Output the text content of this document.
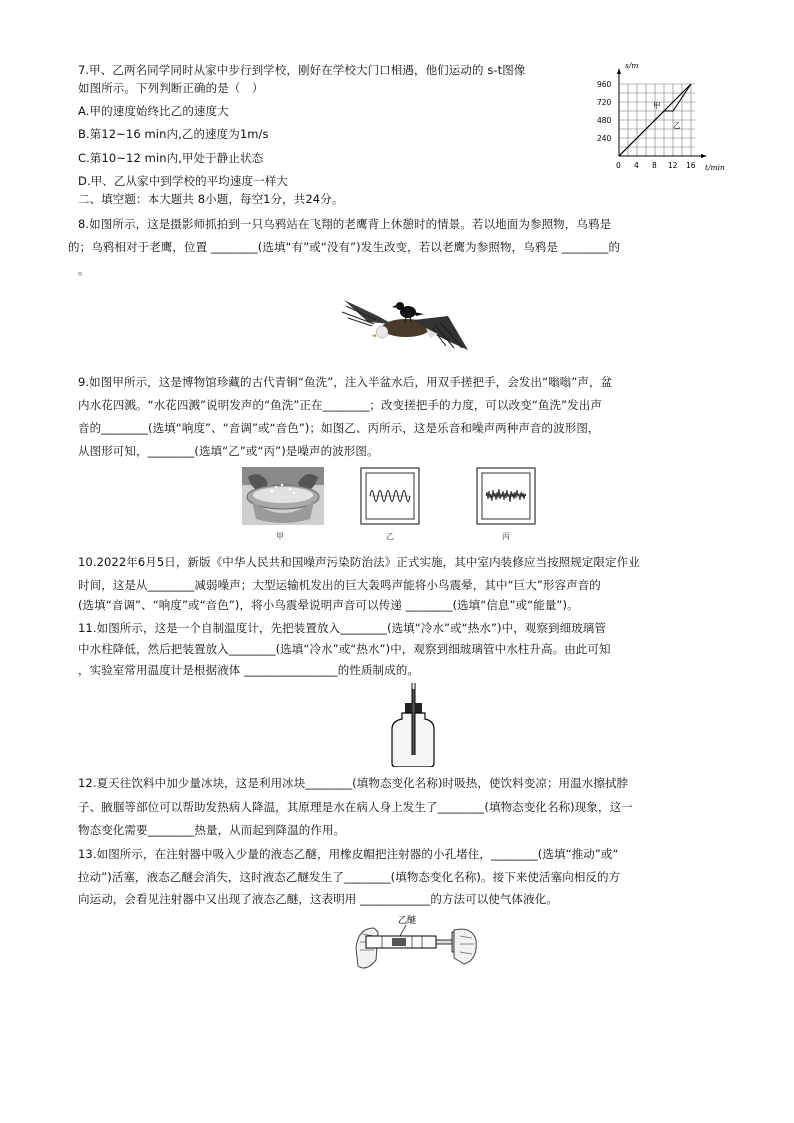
7.甲、乙两名同学同时从家中步行到学校，刚好在学校大门口相遇，他们运动的 s-t图像
如图所示。下列判断正确的是（　）
A.甲的速度始终比乙的速度大
B.第12~16 min内,乙的速度为1m/s
C.第10~12 min内,甲处于静止状态
D.甲、乙从家中到学校的平均速度一样大
s/m
t/min
960
720
480
240
0 4 8 12 16
甲
乙
二、填空题：本大题共 8小题，每空1分，共24分。
8.如图所示，这是摄影师抓拍到一只乌鸦站在飞翔的老鹰背上休憩时的情景。若以地面为参照物，乌鸦是
的；乌鸦相对于老鹰，位置 ________(选填“有”或“没有”)发生改变，若以老鹰为参照物，乌鸦是 ________的
。
9.如图甲所示，这是博物馆珍藏的古代青铜“鱼洗”，注入半盆水后，用双手搓把手，会发出“嗡嗡”声，盆
内水花四溅。“水花四溅”说明发声的“鱼洗”正在________；改变搓把手的力度，可以改变“鱼洗”发出声
音的________(选填“响度”、“音调”或“音色”)；如图乙、丙所示，这是乐音和噪声两种声音的波形图，
从图形可知，________(选填“乙”或“丙”)是噪声的波形图。
甲	乙	丙
10.2022年6月5日，新版《中华人民共和国噪声污染防治法》正式实施，其中室内装修应当按照规定限定作业
时间，这是从________减弱噪声；大型运输机发出的巨大轰鸣声能将小鸟震晕，其中“巨大”形容声音的
(选填“音调”、“响度”或“音色”)，将小鸟震晕说明声音可以传递 ________(选填“信息”或“能量”)。
11.如图所示，这是一个自制温度计，先把装置放入________(选填“冷水”或“热水”)中，观察到细玻璃管
中水柱降低，然后把装置放入________(选填“冷水”或“热水”)中，观察到细玻璃管中水柱升高。由此可知
，实验室常用温度计是根据液体 ________________的性质制成的。
12.夏天往饮料中加少量冰块，这是利用冰块________(填物态变化名称)时吸热，使饮料变凉；用温水擦拭脖
子、腋腘等部位可以帮助发热病人降温，其原理是水在病人身上发生了________(填物态变化名称)现象，这一
物态变化需要________热量，从而起到降温的作用。
13.如图所示，在注射器中吸入少量的液态乙醚，用橡皮帽把注射器的小孔堵住，________(选填“推动”或“
拉动”)活塞，液态乙醚会消失，这时液态乙醚发生了________(填物态变化名称)。接下来使活塞向相反的方
向运动，会看见注射器中又出现了液态乙醚，这表明用 ____________的方法可以使气体液化。
乙醚
